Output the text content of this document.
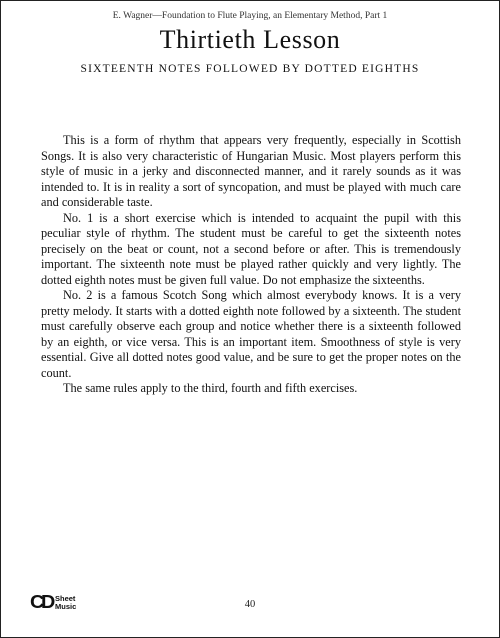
E. Wagner—Foundation to Flute Playing, an Elementary Method, Part 1
Thirtieth Lesson
SIXTEENTH NOTES FOLLOWED BY DOTTED EIGHTHS

This is a form of rhythm that appears very frequently, especially in Scottish Songs. It is also very characteristic of Hungarian Music. Most players perform this style of music in a jerky and disconnected manner, and it rarely sounds as it was intended to. It is in reality a sort of syncopation, and must be played with much care and considerable taste.

No. 1 is a short exercise which is intended to acquaint the pupil with this peculiar style of rhythm. The student must be careful to get the sixteenth notes precisely on the beat or count, not a second before or after. This is tremendously important. The sixteenth note must be played rather quickly and very lightly. The dotted eighth notes must be given full value. Do not emphasize the sixteenths.

No. 2 is a famous Scotch Song which almost everybody knows. It is a very pretty melody. It starts with a dotted eighth note followed by a sixteenth. The student must carefully observe each group and notice whether there is a sixteenth followed by an eighth, or vice versa. This is an important item. Smoothness of style is very essential. Give all dotted notes good value, and be sure to get the proper notes on the count.

The same rules apply to the third, fourth and fifth exercises.

CD Sheet
Music	40
